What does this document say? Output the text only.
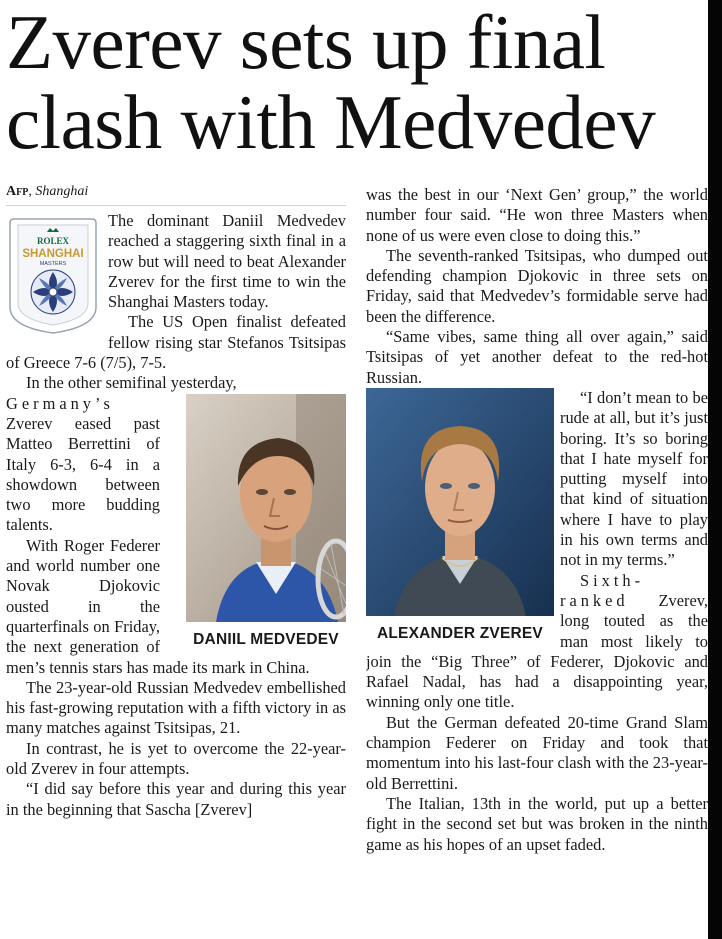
Zverev sets up final clash with Medvedev
Afp, Shanghai
ROLEX
SHANGHAI
MASTERS

The dominant Daniil Medvedev reached a staggering sixth final in a row but will need to beat Alexander Zverev for the first time to win the Shanghai Masters today.

The US Open finalist defeated fellow rising star Stefanos Tsitsipas of Greece 7-6 (7/5), 7-5.

In the other semifinal yesterday,
DANIIL MEDVEDEV
Germany’s
Zverev eased past Matteo Berrettini of Italy 6-3, 6-4 in a showdown between two more budding talents.

With Roger Federer and world number one Novak Djokovic ousted in the quarterfinals on Friday, the next generation of men’s tennis stars has made its mark in China.

The 23-year-old Russian Medvedev embellished his fast-growing reputation with a fifth victory in as many matches against Tsitsipas, 21.

In contrast, he is yet to overcome the 22-year-old Zverev in four attempts.

“I did say before this year and during this year in the beginning that Sascha [Zverev]

was the best in our ‘Next Gen’ group,” the world number four said. “He won three Masters when none of us were even close to doing this.”

The seventh-ranked Tsitsipas, who dumped out defending champion Djokovic in three sets on Friday, said that Medvedev’s formidable serve had been the difference.

“Same vibes, same thing all over again,” said Tsitsipas of yet another defeat to the red-hot Russian.

ALEXANDER ZVEREV

“I don’t mean to be rude at all, but it’s just boring. It’s so boring that I hate myself for putting myself into that kind of situation where I have to play in his own terms and not in my terms.”

Sixth-ranked Zverev, long touted as the man most likely to join the “Big Three” of Federer, Djokovic and Rafael Nadal, has had a disappointing year, winning only one title.

But the German defeated 20-time Grand Slam champion Federer on Friday and took that momentum into his last-four clash with the 23-year-old Berrettini.

The Italian, 13th in the world, put up a better fight in the second set but was broken in the ninth game as his hopes of an upset faded.
